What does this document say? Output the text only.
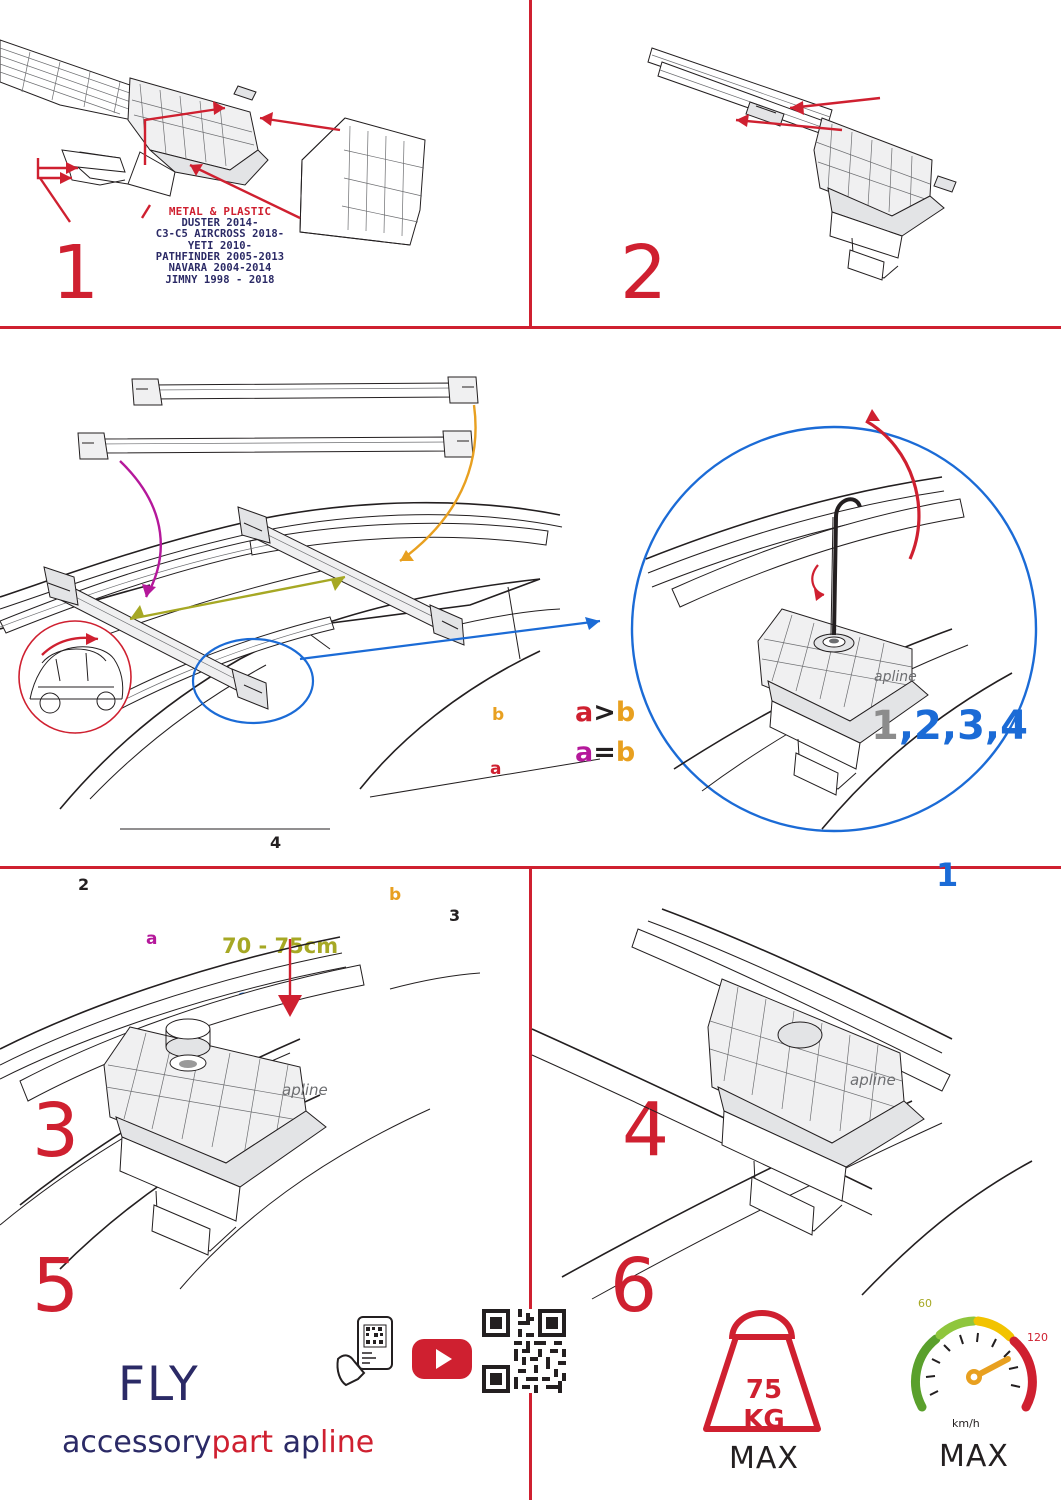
METAL & PLASTIC
DUSTER 2014-
C3-C5 AIRCROSS 2018-
YETI 2010-
PATHFINDER 2005-2013
NAVARA 2004-2014
JIMNY 1998 - 2018
1	2
b
a
a
b
2
4
3
70 - 75cm
a>b
a=b
3
apline
1,2,3,4
1
4
apline
5
FLY
accessorypart apline
apline
6
75 KG
MAX
60
120
km/h
MAX
